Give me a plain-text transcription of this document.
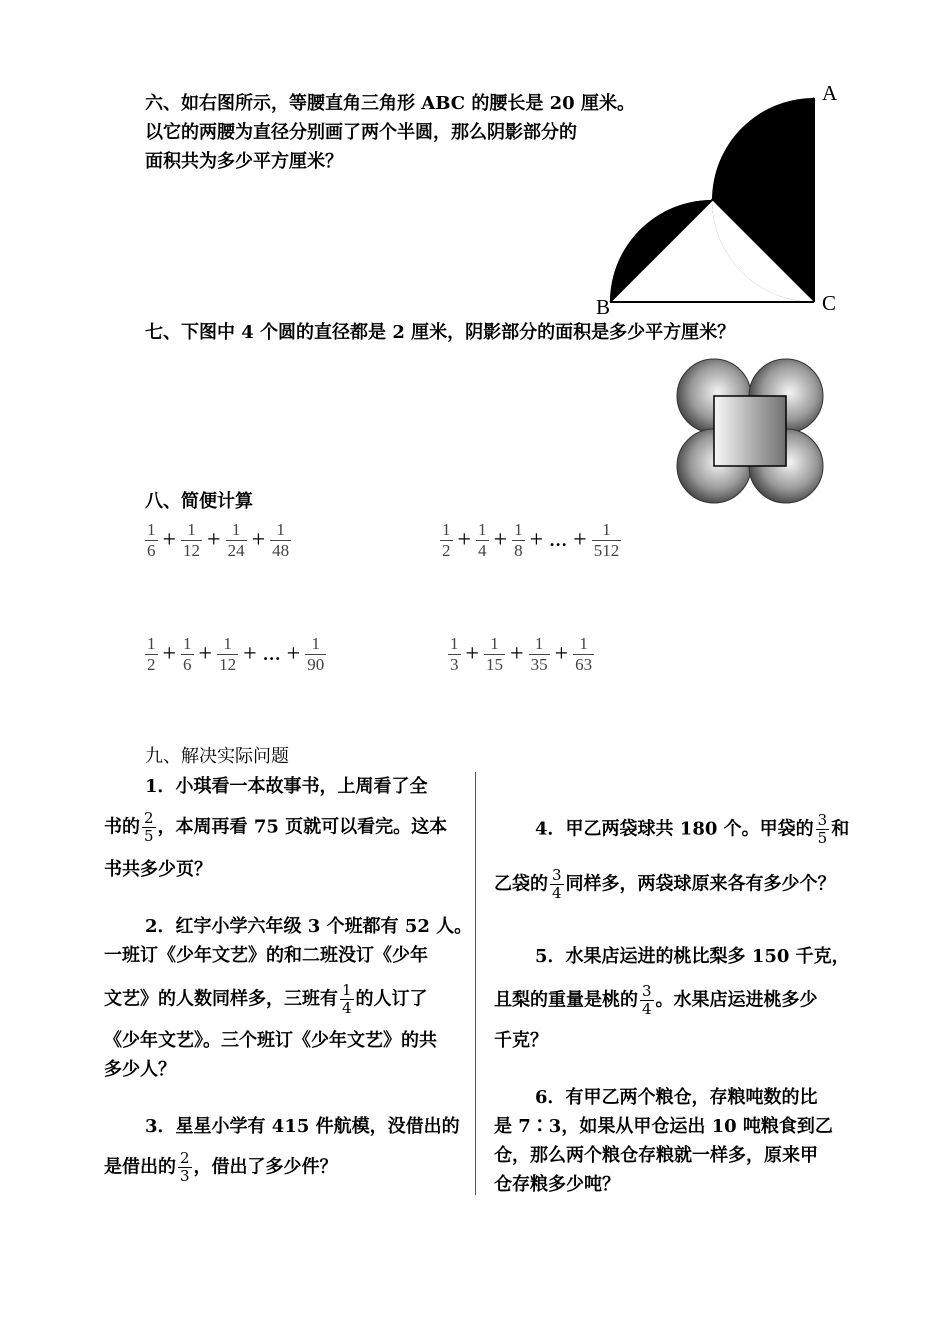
六、如右图所示，等腰直角三角形 ABC 的腰长是 20 厘米。
以它的两腰为直径分别画了两个半圆，那么阴影部分的
面积共为多少平方厘米？
A
B	C
七、下图中 4 个圆的直径都是 2 厘米，阴影部分的面积是多少平方厘米？
八、简便计算
$\frac{1}{6} + \frac{1}{12} + \frac{1}{24} + \frac{1}{48}$	$\frac{1}{2} + \frac{1}{4} + \frac{1}{8}$ + … + $\frac{1}{512}$
$\frac{1}{2} + \frac{1}{6} + \frac{1}{12}$ + … + $\frac{1}{90}$	$\frac{1}{3} + \frac{1}{15} + \frac{1}{35} + \frac{1}{63}$
九、解决实际问题
1．小琪看一本故事书，上周看了全
书的 $\frac{2}{5}$ ，本周再看 75 页就可以看完。这本
书共多少页？
2．红宇小学六年级 3 个班都有 52 人。
一班订《少年文艺》的和二班没订《少年
文艺》的人数同样多，三班有 $\frac{1}{4}$ 的人订了
《少年文艺》。三个班订《少年文艺》的共
多少人？
3．星星小学有 415 件航模，没借出的
是借出的 $\frac{2}{3}$ ，借出了多少件？
4．甲乙两袋球共 180 个。甲袋的 $\frac{3}{5}$ 和
乙袋的 $\frac{3}{4}$ 同样多，两袋球原来各有多少个？
5．水果店运进的桃比梨多 150 千克，
且梨的重量是桃的 $\frac{3}{4}$ 。水果店运进桃多少
千克？
6．有甲乙两个粮仓，存粮吨数的比
是 7∶3，如果从甲仓运出 10 吨粮食到乙
仓，那么两个粮仓存粮就一样多，原来甲
仓存粮多少吨？
